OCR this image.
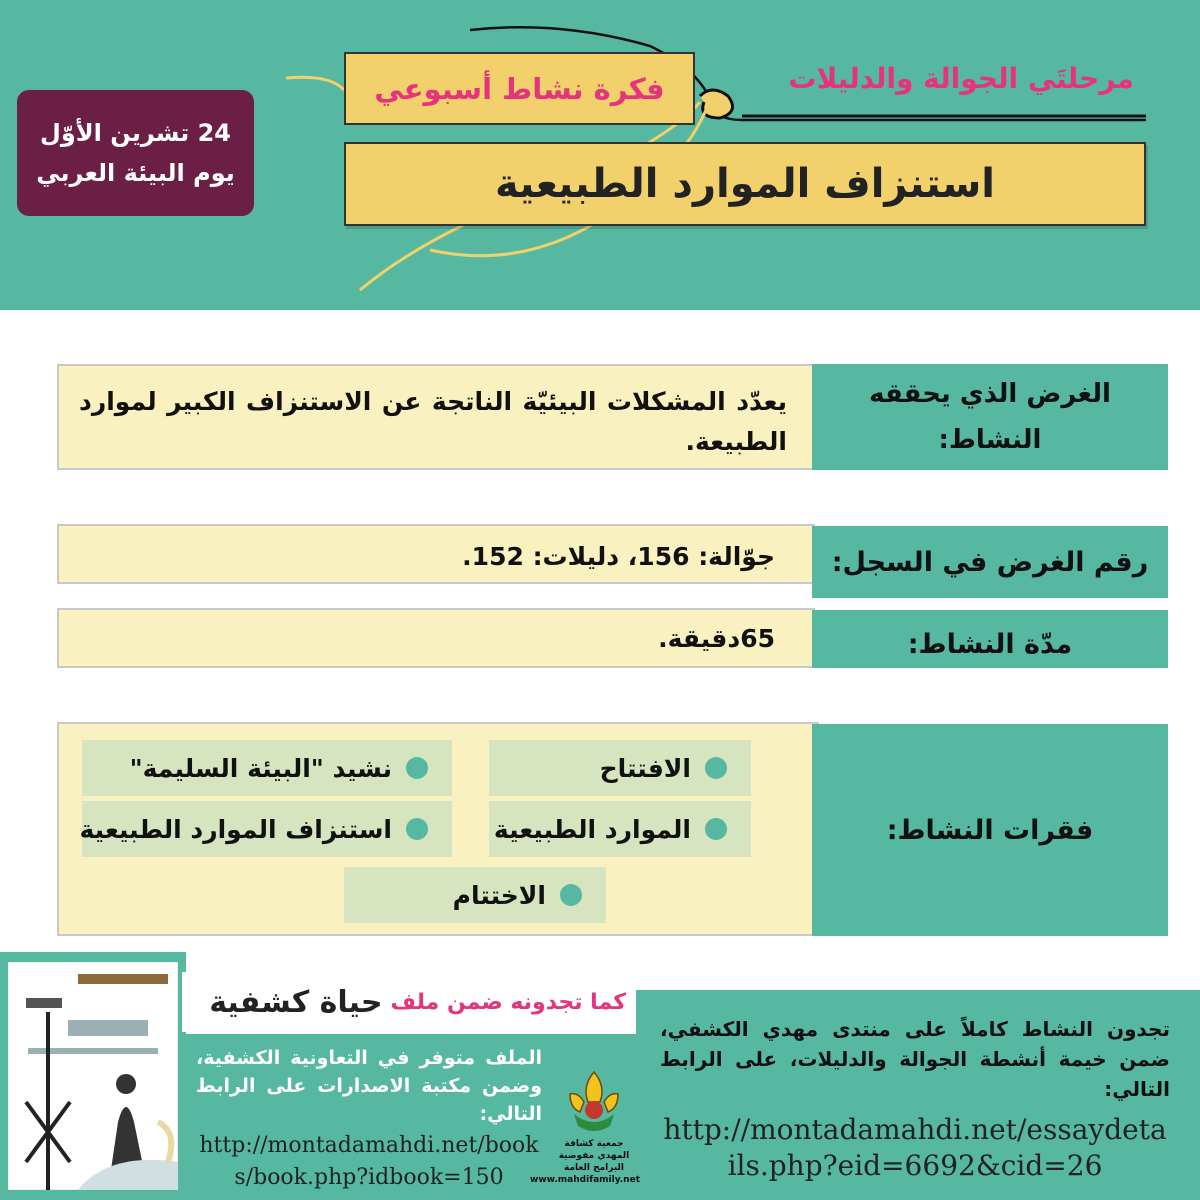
مرحلتَي الجوالة والدليلات
فكرة نشاط أسبوعي
استنزاف الموارد الطبيعية
24 تشرين الأوّل
يوم البيئة العربي
يعدّد المشكلات البيئيّة الناتجة عن الاستنزاف الكبير لموارد الطبيعة.
الغرض الذي يحققه النشاط:
جوّالة: 156، دليلات: 152.	رقم الغرض في السجل:
65دقيقة.	مدّة النشاط:
فقرات النشاط:
الافتتاح
نشيد "البيئة السليمة"
الموارد الطبيعية
استنزاف الموارد الطبيعية
الاختتام
كما تجدونه ضمن ملف
حياة كشفية
تجدون النشاط كاملاً على منتدى مهدي الكشفي، ضمن خيمة أنشطة الجوالة والدليلات، على الرابط التالي:
http://montadamahdi.net/essaydetails.php?eid=6692&cid=26
الملف متوفر في التعاونية الكشفية، وضمن مكتبة الاصدارات على الرابط التالي:
http://montadamahdi.net/books/book.php?idbook=150
جمعية كشافة المهدي مفوضية البرامج العامة www.mahdifamily.net
